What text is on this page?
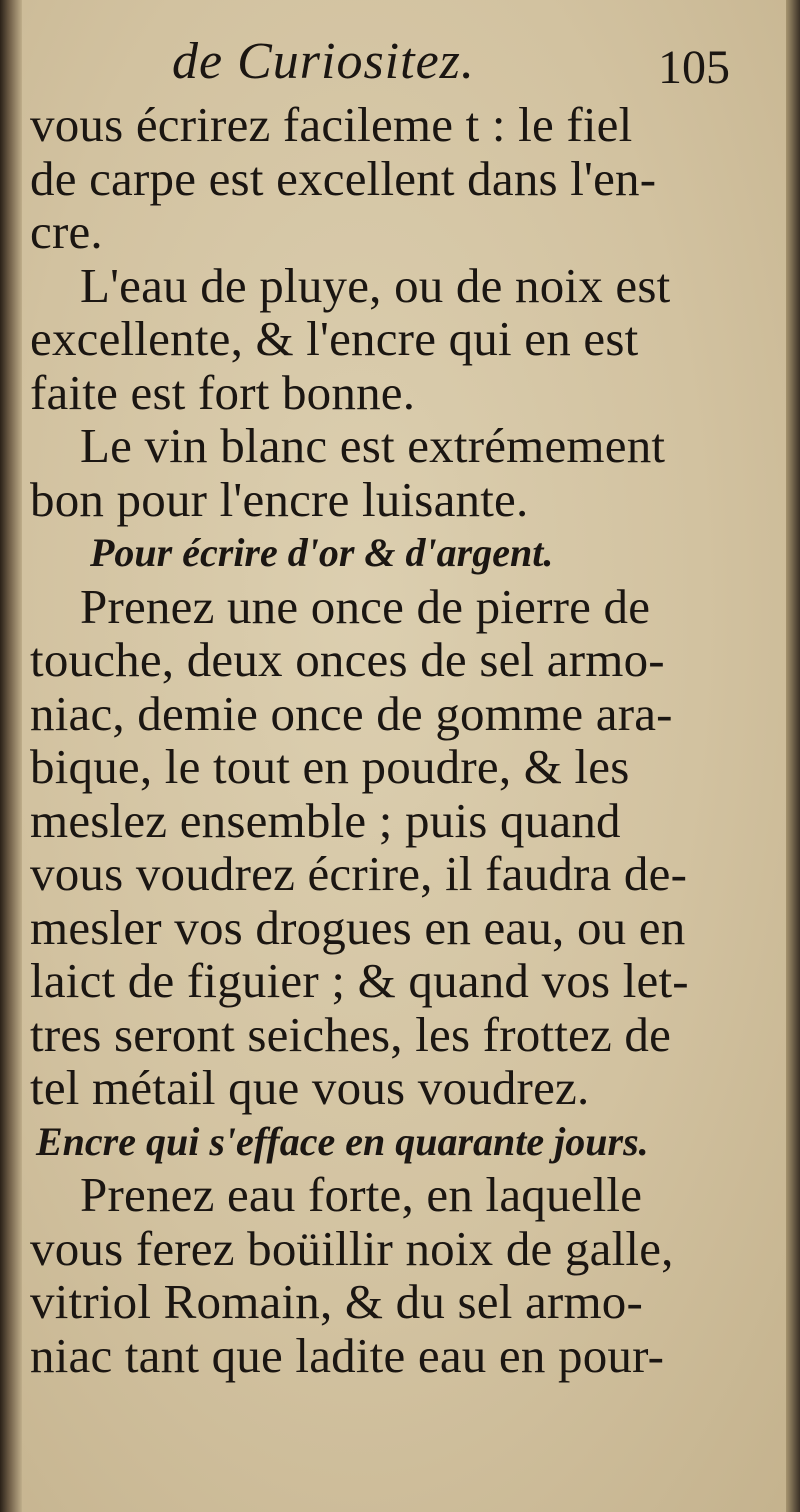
de Curiositez.	105
vous écrirez facileme t : le fiel
de carpe est excellent dans l'en-
cre.
L'eau de pluye, ou de noix est
excellente, & l'encre qui en est
faite est fort bonne.
Le vin blanc est extrémement
bon pour l'encre luisante.
Pour écrire d'or & d'argent.
Prenez une once de pierre de
touche, deux onces de sel armo-
niac, demie once de gomme ara-
bique, le tout en poudre, & les
meslez ensemble ; puis quand
vous voudrez écrire, il faudra de-
mesler vos drogues en eau, ou en
laict de figuier ; & quand vos let-
tres seront seiches, les frottez de
tel métail que vous voudrez.
Encre qui s'efface en quarante jours.
Prenez eau forte, en laquelle
vous ferez boüillir noix de galle,
vitriol Romain, & du sel armo-
niac tant que ladite eau en pour-
